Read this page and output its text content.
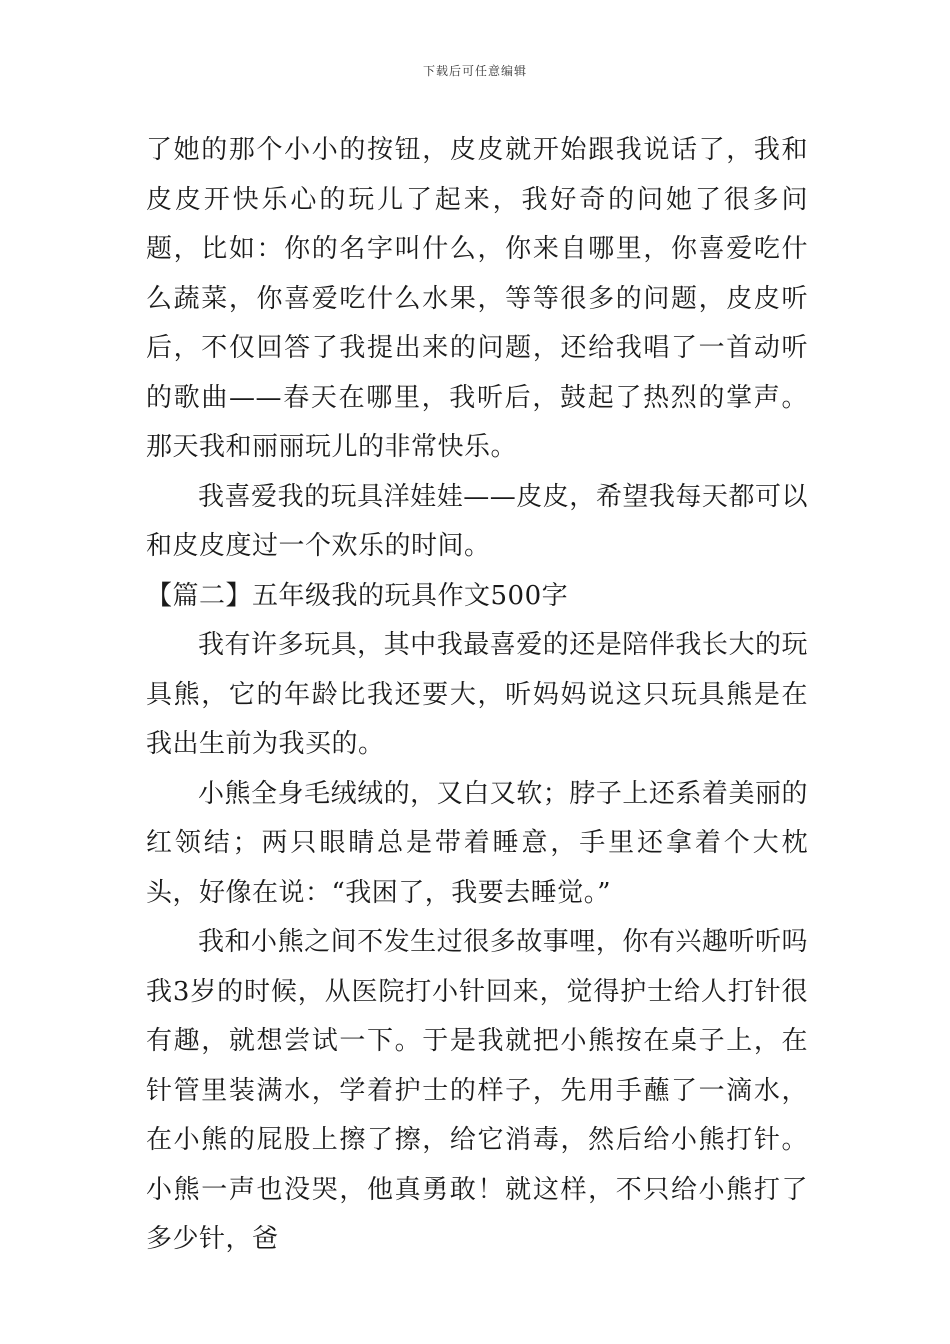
下载后可任意编辑

了她的那个小小的按钮，皮皮就开始跟我说话了，我和皮皮开快乐心的玩儿了起来，我好奇的问她了很多问题，比如：你的名字叫什么，你来自哪里，你喜爱吃什么蔬菜，你喜爱吃什么水果，等等很多的问题，皮皮听后，不仅回答了我提出来的问题，还给我唱了一首动听的歌曲——春天在哪里，我听后，鼓起了热烈的掌声。那天我和丽丽玩儿的非常快乐。

我喜爱我的玩具洋娃娃——皮皮，希望我每天都可以和皮皮度过一个欢乐的时间。

【篇二】五年级我的玩具作文500字

我有许多玩具，其中我最喜爱的还是陪伴我长大的玩具熊，它的年龄比我还要大，听妈妈说这只玩具熊是在我出生前为我买的。

小熊全身毛绒绒的，又白又软；脖子上还系着美丽的红领结；两只眼睛总是带着睡意，手里还拿着个大枕头，好像在说：“我困了，我要去睡觉。”

我和小熊之间不发生过很多故事哩，你有兴趣听听吗我3岁的时候，从医院打小针回来，觉得护士给人打针很有趣，就想尝试一下。于是我就把小熊按在桌子上，在针管里装满水，学着护士的样子，先用手蘸了一滴水，在小熊的屁股上擦了擦，给它消毒，然后给小熊打针。小熊一声也没哭，他真勇敢！就这样，不只给小熊打了多少针，爸
